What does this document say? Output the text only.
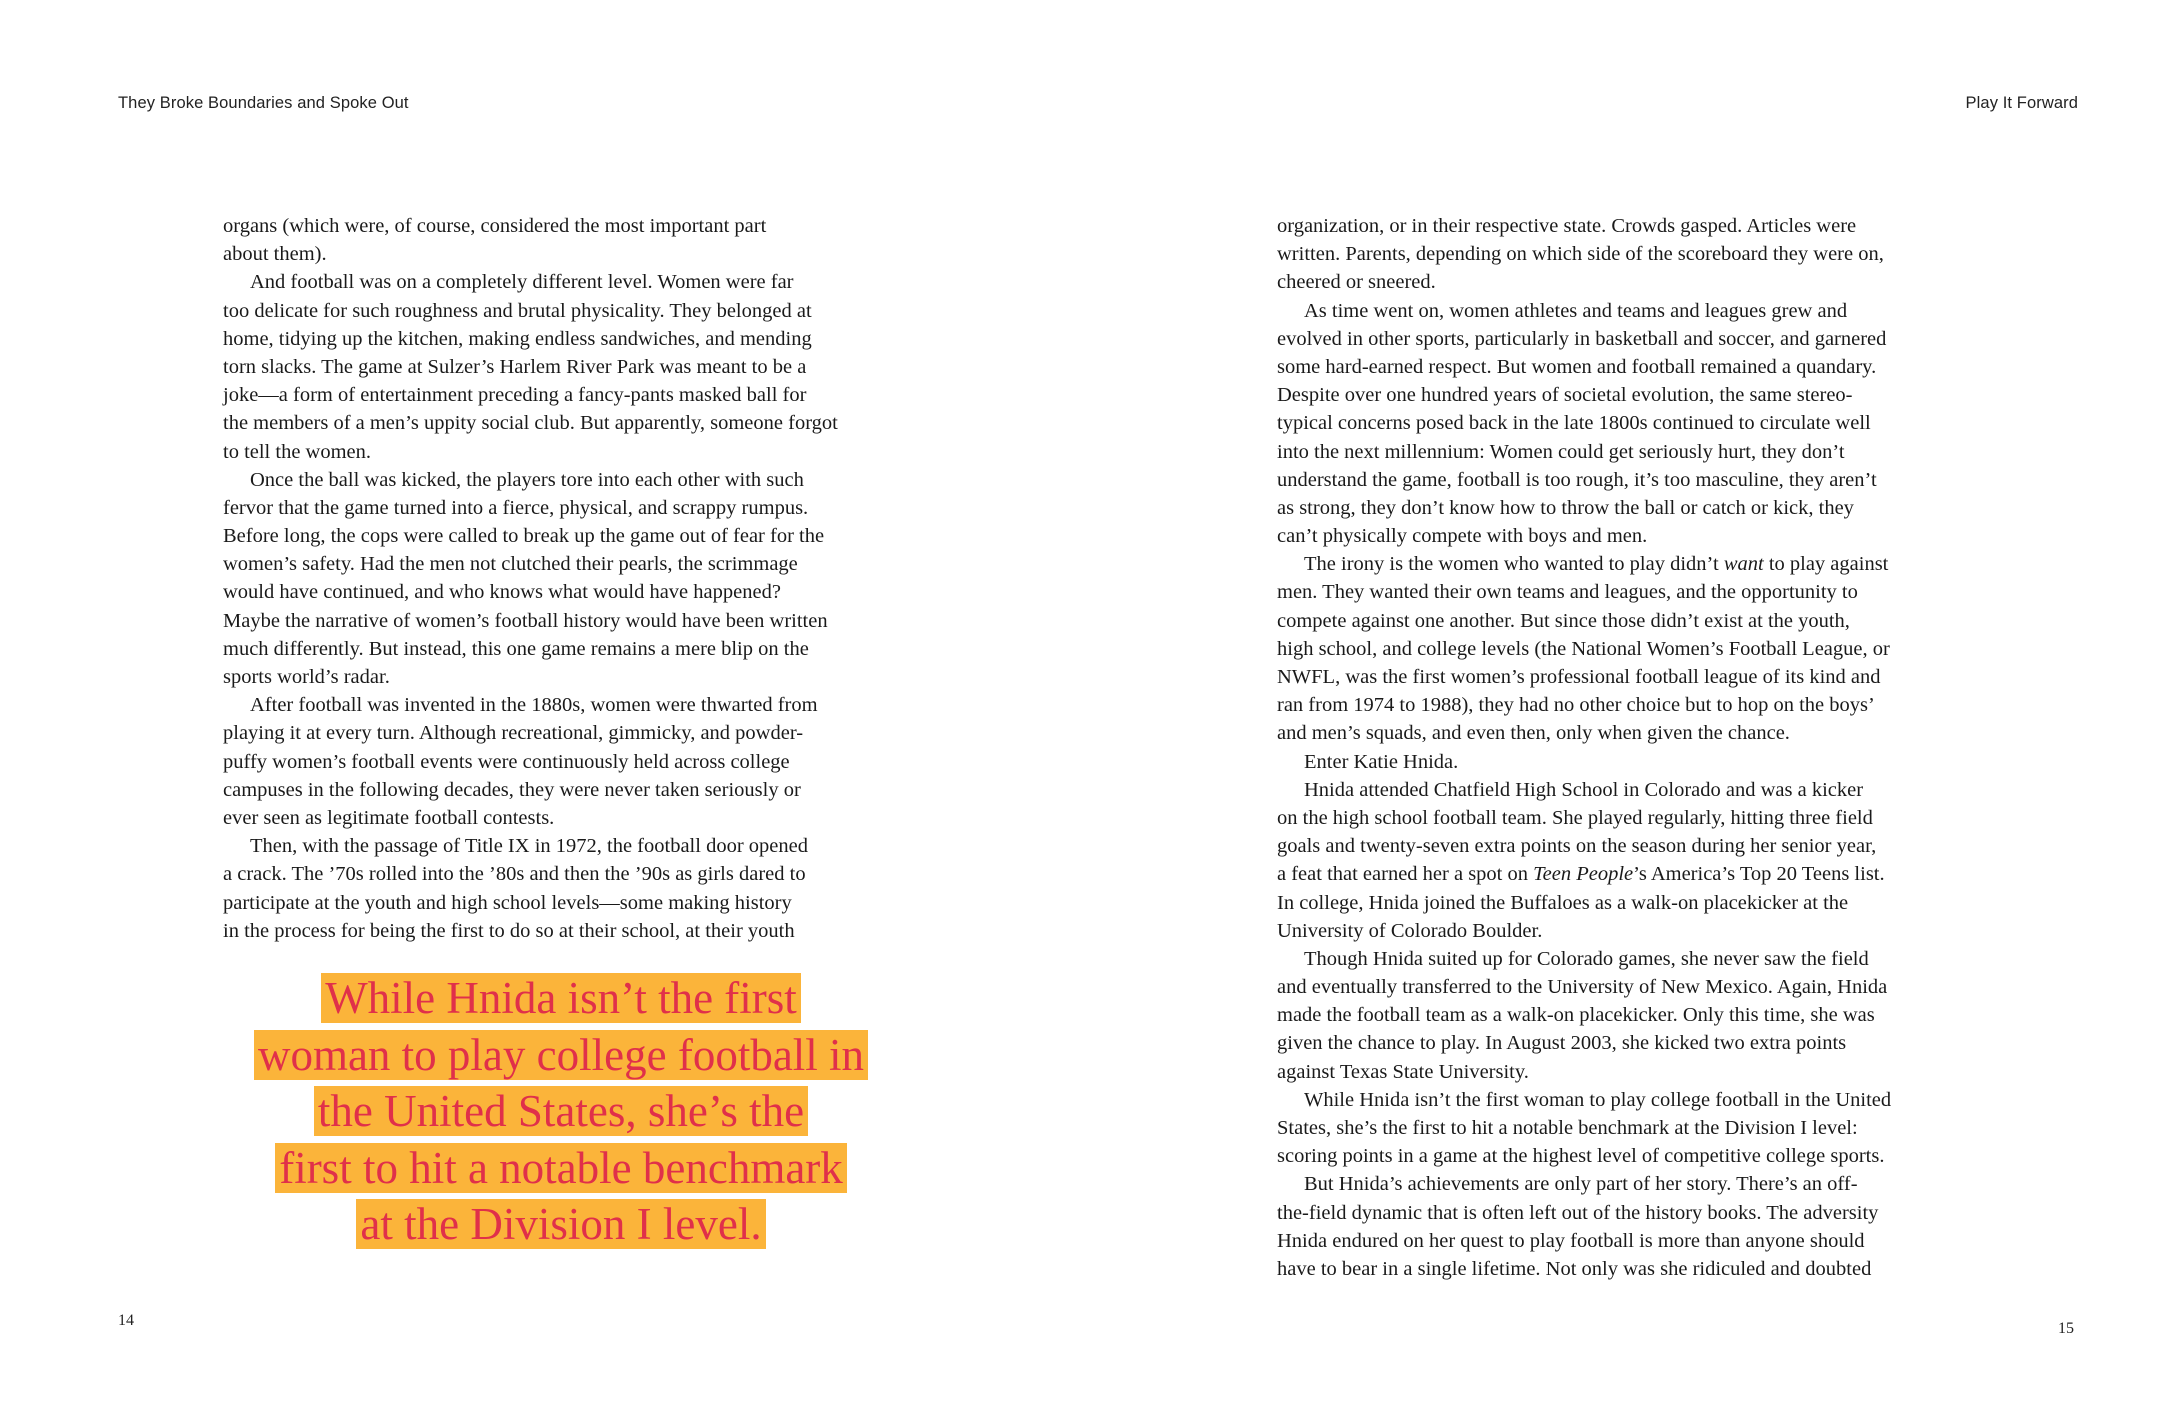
They Broke Boundaries and Spoke Out	Play It Forward
organs (which were, of course, considered the most important part
about them).
And football was on a completely different level. Women were far
too delicate for such roughness and brutal physicality. They belonged at
home, tidying up the kitchen, making endless sandwiches, and mending
torn slacks. The game at Sulzer’s Harlem River Park was meant to be a
joke—a form of entertainment preceding a fancy-pants masked ball for
the members of a men’s uppity social club. But apparently, someone forgot
to tell the women.
Once the ball was kicked, the players tore into each other with such
fervor that the game turned into a fierce, physical, and scrappy rumpus.
Before long, the cops were called to break up the game out of fear for the
women’s safety. Had the men not clutched their pearls, the scrimmage
would have continued, and who knows what would have happened?
Maybe the narrative of women’s football history would have been written
much differently. But instead, this one game remains a mere blip on the
sports world’s radar.
After football was invented in the 1880s, women were thwarted from
playing it at every turn. Although recreational, gimmicky, and powder-
puffy women’s football events were continuously held across college
campuses in the following decades, they were never taken seriously or
ever seen as legitimate football contests.
Then, with the passage of Title IX in 1972, the football door opened
a crack. The ’70s rolled into the ’80s and then the ’90s as girls dared to
participate at the youth and high school levels—some making history
in the process for being the first to do so at their school, at their youth
While Hnida isn’t the first
woman to play college football in
the United States, she’s the
first to hit a notable benchmark
at the Division I level.
organization, or in their respective state. Crowds gasped. Articles were
written. Parents, depending on which side of the scoreboard they were on,
cheered or sneered.
As time went on, women athletes and teams and leagues grew and
evolved in other sports, particularly in basketball and soccer, and garnered
some hard-earned respect. But women and football remained a quandary.
Despite over one hundred years of societal evolution, the same stereo-
typical concerns posed back in the late 1800s continued to circulate well
into the next millennium: Women could get seriously hurt, they don’t
understand the game, football is too rough, it’s too masculine, they aren’t
as strong, they don’t know how to throw the ball or catch or kick, they
can’t physically compete with boys and men.
The irony is the women who wanted to play didn’t want to play against
men. They wanted their own teams and leagues, and the opportunity to
compete against one another. But since those didn’t exist at the youth,
high school, and college levels (the National Women’s Football League, or
NWFL, was the first women’s professional football league of its kind and
ran from 1974 to 1988), they had no other choice but to hop on the boys’
and men’s squads, and even then, only when given the chance.
Enter Katie Hnida.
Hnida attended Chatfield High School in Colorado and was a kicker
on the high school football team. She played regularly, hitting three field
goals and twenty-seven extra points on the season during her senior year,
a feat that earned her a spot on Teen People’s America’s Top 20 Teens list.
In college, Hnida joined the Buffaloes as a walk-on placekicker at the
University of Colorado Boulder.
Though Hnida suited up for Colorado games, she never saw the field
and eventually transferred to the University of New Mexico. Again, Hnida
made the football team as a walk-on placekicker. Only this time, she was
given the chance to play. In August 2003, she kicked two extra points
against Texas State University.
While Hnida isn’t the first woman to play college football in the United
States, she’s the first to hit a notable benchmark at the Division I level:
scoring points in a game at the highest level of competitive college sports.
But Hnida’s achievements are only part of her story. There’s an off-
the-field dynamic that is often left out of the history books. The adversity
Hnida endured on her quest to play football is more than anyone should
have to bear in a single lifetime. Not only was she ridiculed and doubted
14	15
